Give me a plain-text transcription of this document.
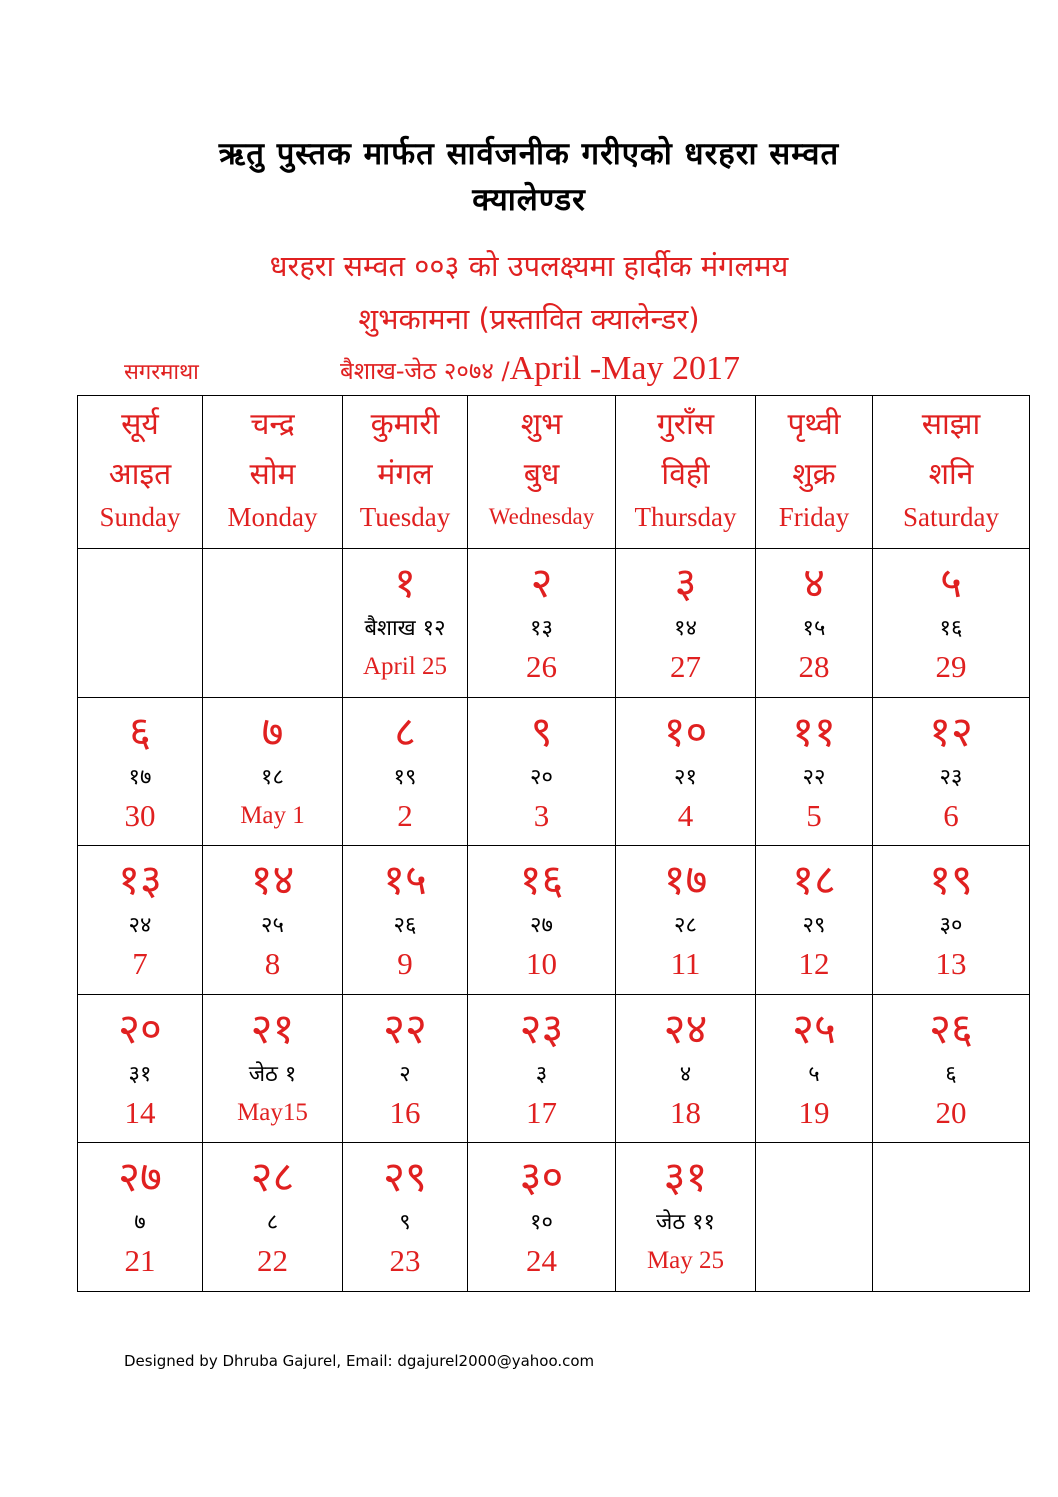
ऋतु पुस्तक मार्फत सार्वजनीक गरीएको धरहरा सम्वत
क्यालेण्डर
धरहरा सम्वत ००३ को उपलक्ष्यमा हार्दीक मंगलमय
शुभकामना (प्रस्तावित क्यालेन्डर)
सगरमाथा	बैशाख-जेठ २०७४ /April -May 2017
सूर्य
आइत
Sunday	चन्द्र
सोम
Monday	कुमारी
मंगल
Tuesday	शुभ
बुध
Wednesday	गुराँस
विही
Thursday	पृथ्वी
शुक्र
Friday	साझा
शनि
Saturday

		१
बैशाख १२
April 25	२
१३
26	३
१४
27	४
१५
28	५
१६
29

६
१७
30	७
१८
May 1	८
१९
2	९
२०
3	१०
२१
4	११
२२
5	१२
२३
6

१३
२४
7	१४
२५
8	१५
२६
9	१६
२७
10	१७
२८
11	१८
२९
12	१९
३०
13

२०
३१
14	२१
जेठ १
May15	२२
२
16	२३
३
17	२४
४
18	२५
५
19	२६
६
20

२७
७
21	२८
८
22	२९
९
23	३०
१०
24	३१
जेठ ११
May 25		

Designed by Dhruba Gajurel, Email: dgajurel2000@yahoo.com
